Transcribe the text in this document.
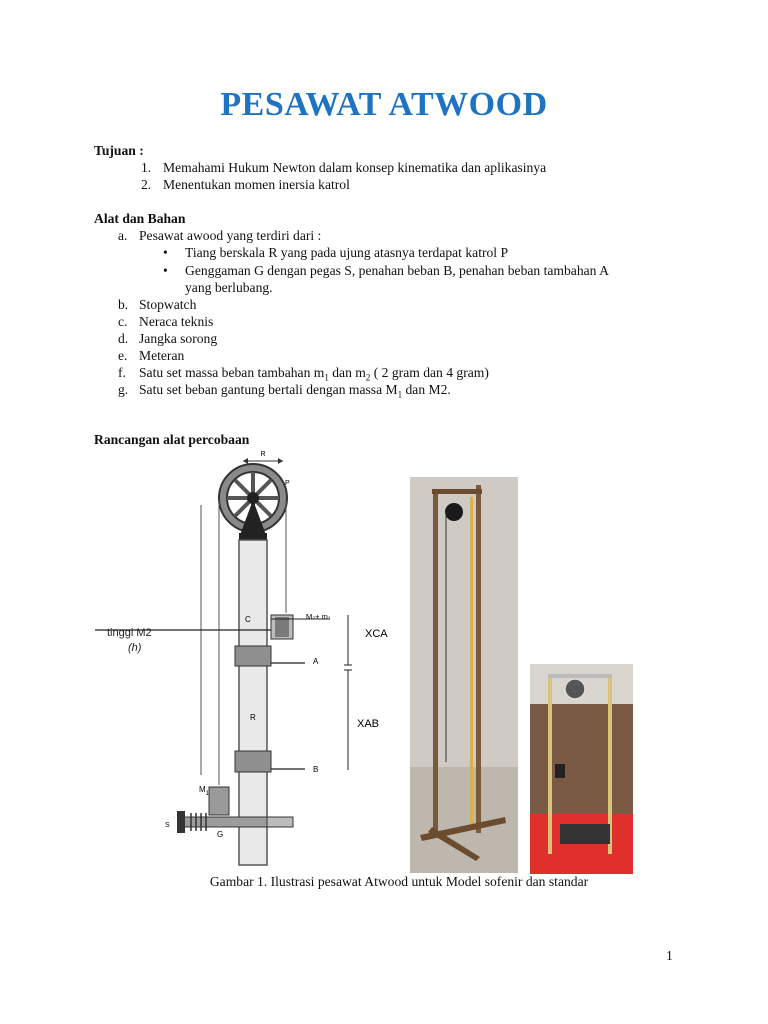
PESAWAT ATWOOD
Tujuan :
1. Memahami Hukum Newton dalam konsep kinematika dan aplikasinya
2. Menentukan momen inersia katrol
Alat dan Bahan
a. Pesawat awood yang terdiri dari :
• Tiang berskala R yang pada ujung atasnya terdapat katrol P
• Genggaman G dengan pegas S, penahan beban B, penahan beban tambahan A
yang berlubang.
b. Stopwatch
c. Neraca teknis
d. Jangka sorong
e. Meteran
f. Satu set massa beban tambahan $m_1$ dan $m_2$ ( 2 gram dan 4 gram)
g. Satu set beban gantung bertali dengan massa $M_1$ dan M2.
Rancangan alat percobaan
R
P
C	M₂+ m₁
tinggi M2
(h)
XCA
A
R
XAB
B
$M_1$
S
G
Gambar 1. Ilustrasi pesawat Atwood untuk Model sofenir dan standar
1
